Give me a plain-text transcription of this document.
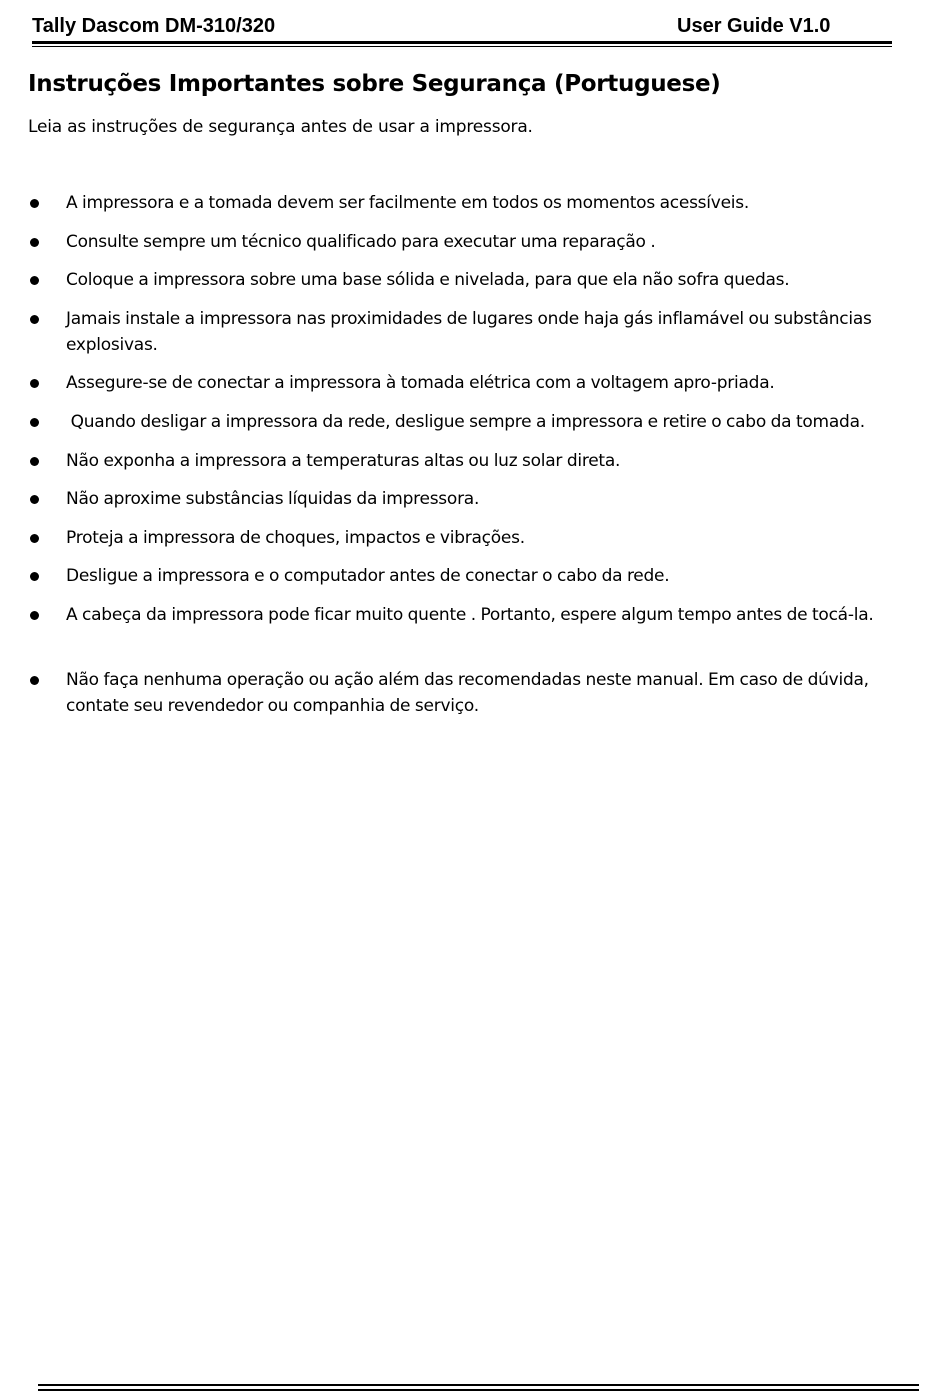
Tally Dascom DM-310/320	User Guide V1.0
Instruções Importantes sobre Segurança (Portuguese)
Leia as instruções de segurança antes de usar a impressora.
A impressora e a tomada devem ser facilmente em todos os momentos acessíveis.
Consulte sempre um técnico qualificado para executar uma reparação .
Coloque a impressora sobre uma base sólida e nivelada, para que ela não sofra quedas.
Jamais instale a impressora nas proximidades de lugares onde haja gás inflamável ou substâncias explosivas.
Assegure-se de conectar a impressora à tomada elétrica com a voltagem apro-priada.
Quando desligar a impressora da rede, desligue sempre a impressora e retire o cabo da tomada.
Não exponha a impressora a temperaturas altas ou luz solar direta.
Não aproxime substâncias líquidas da impressora.
Proteja a impressora de choques, impactos e vibrações.
Desligue a impressora e o computador antes de conectar o cabo da rede.
A cabeça da impressora pode ficar muito quente . Portanto, espere algum tempo antes de tocá-la.
Não faça nenhuma operação ou ação além das recomendadas neste manual. Em caso de dúvida, contate seu revendedor ou companhia de serviço.
